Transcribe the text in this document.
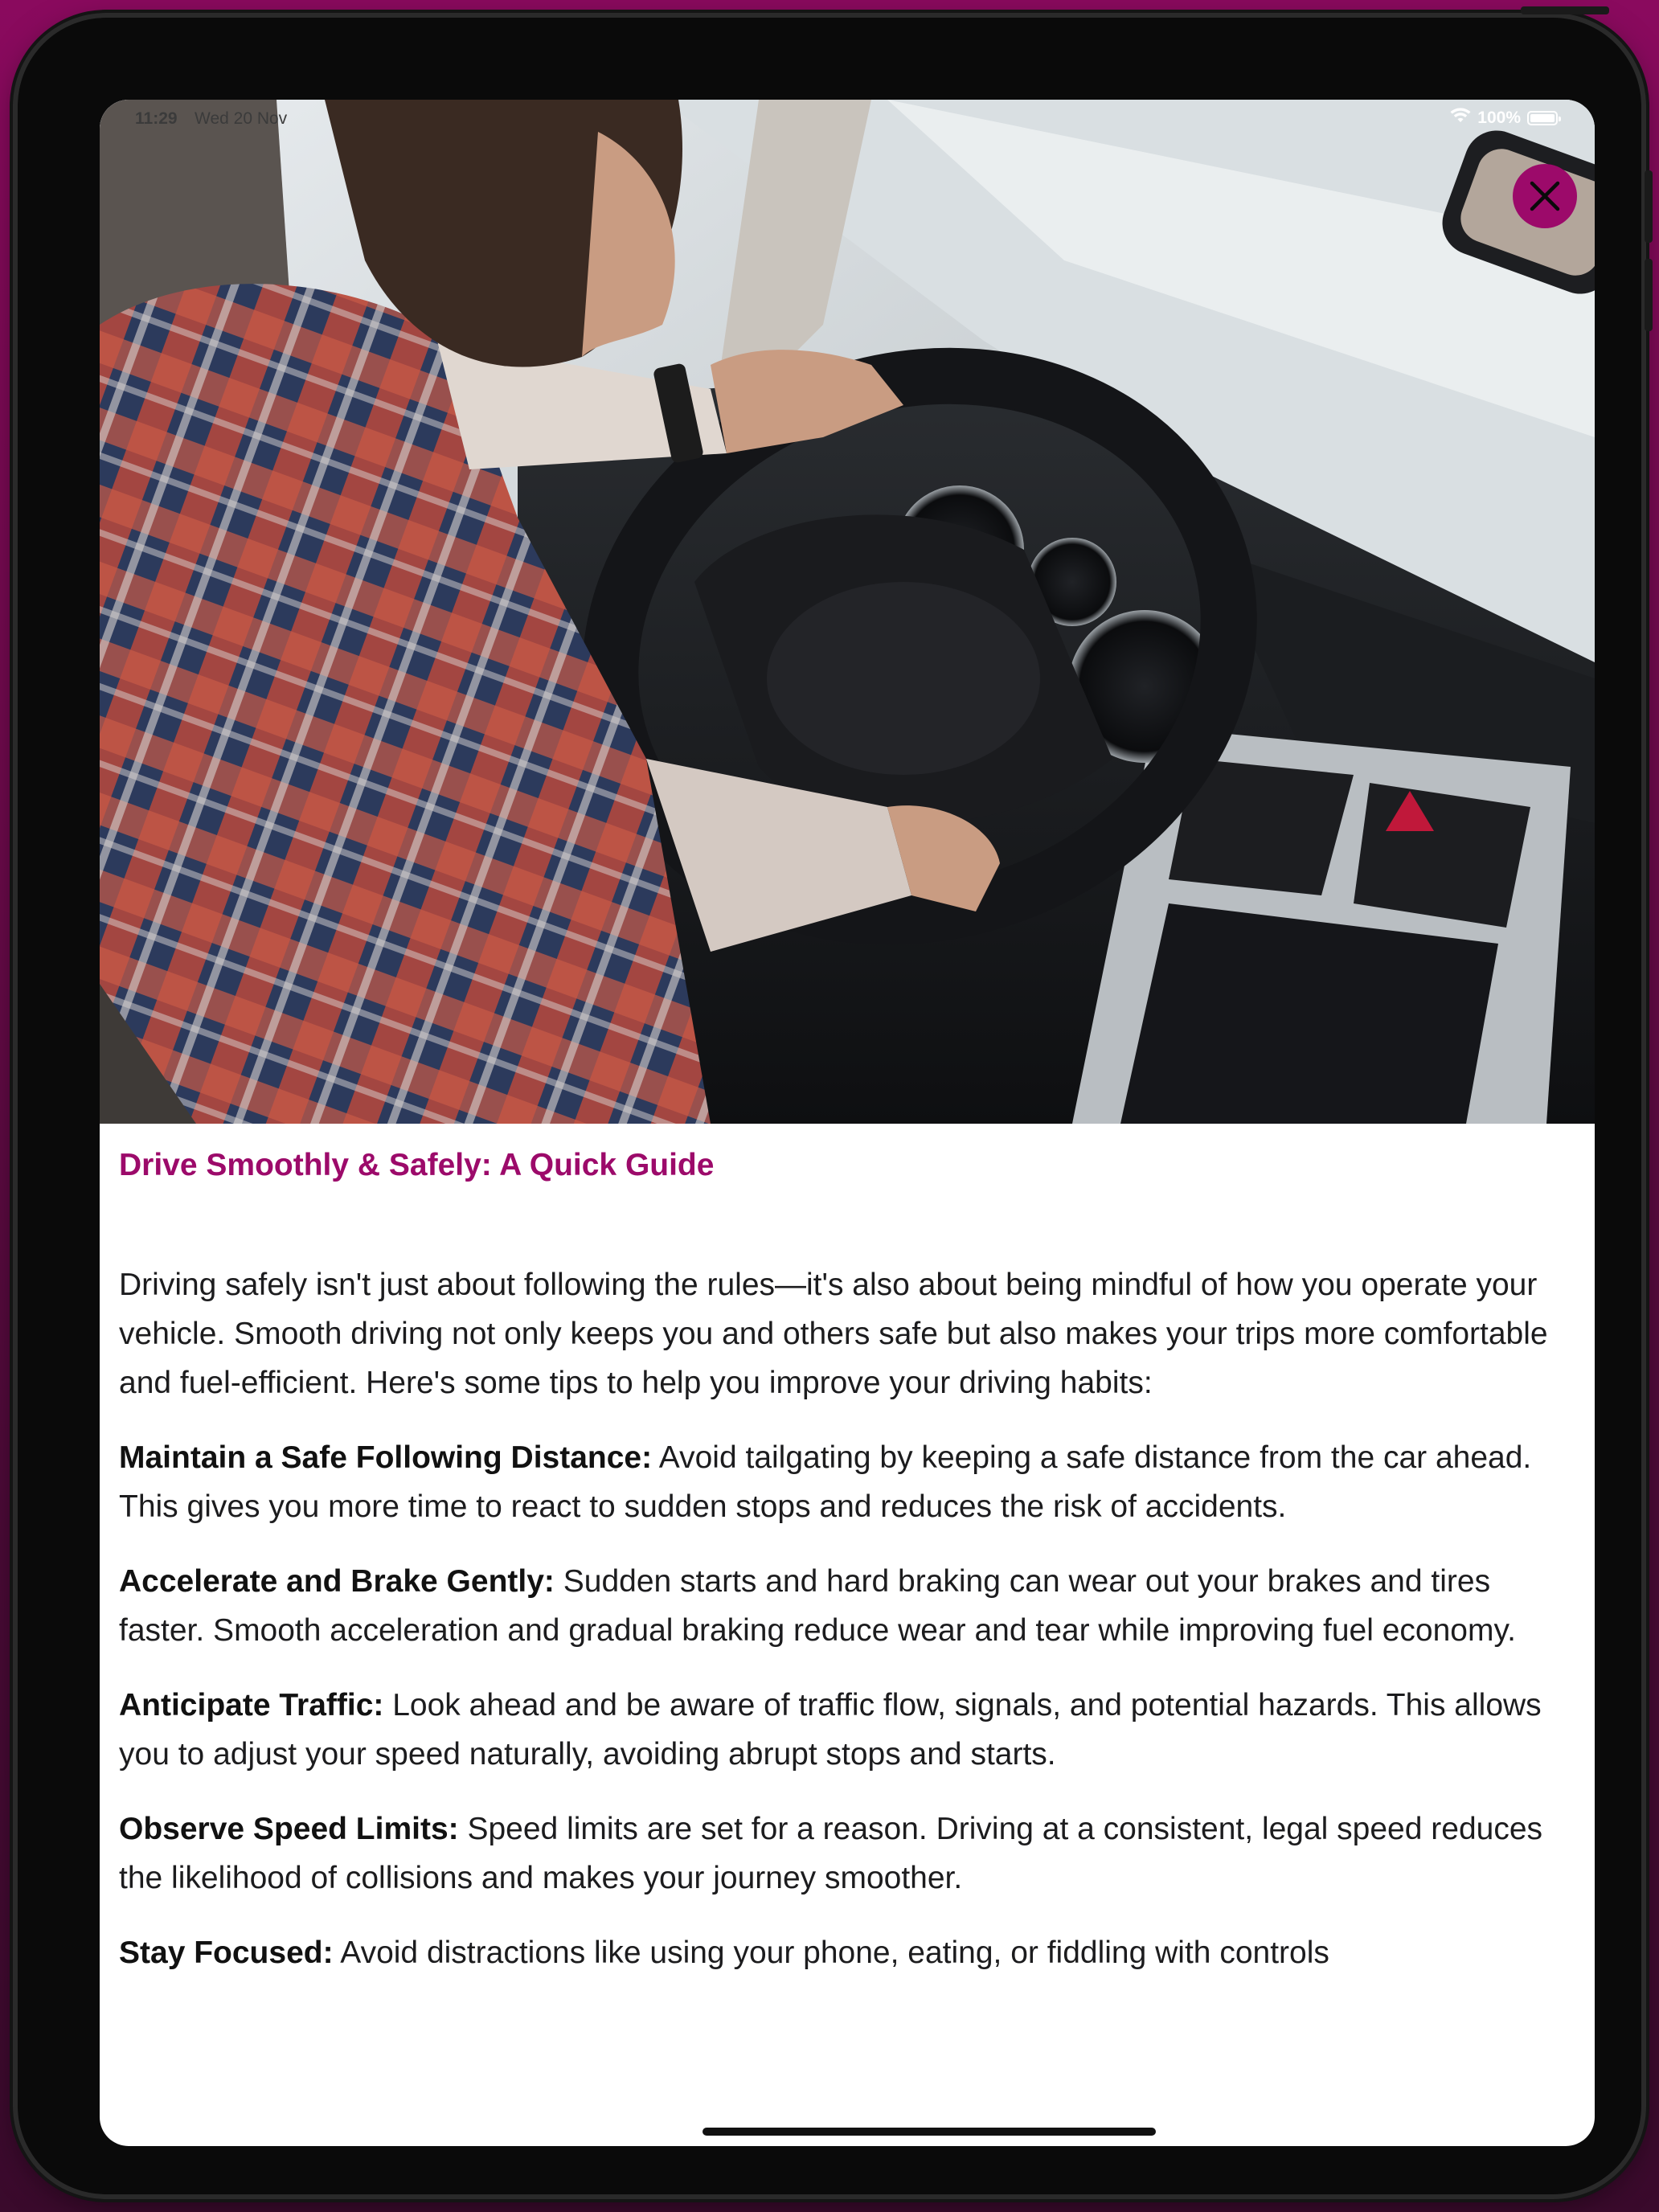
11:29 Wed 20 Nov	100%
Drive Smoothly & Safely: A Quick Guide

Driving safely isn't just about following the rules—it's also about being mindful of how you operate your vehicle. Smooth driving not only keeps you and others safe but also makes your trips more comfortable and fuel-efficient. Here's some tips to help you improve your driving habits:

Maintain a Safe Following Distance: Avoid tailgating by keeping a safe distance from the car ahead. This gives you more time to react to sudden stops and reduces the risk of accidents.

Accelerate and Brake Gently: Sudden starts and hard braking can wear out your brakes and tires faster. Smooth acceleration and gradual braking reduce wear and tear while improving fuel economy.

Anticipate Traffic: Look ahead and be aware of traffic flow, signals, and potential hazards. This allows you to adjust your speed naturally, avoiding abrupt stops and starts.

Observe Speed Limits: Speed limits are set for a reason. Driving at a consistent, legal speed reduces the likelihood of collisions and makes your journey smoother.

Stay Focused: Avoid distractions like using your phone, eating, or fiddling with controls
